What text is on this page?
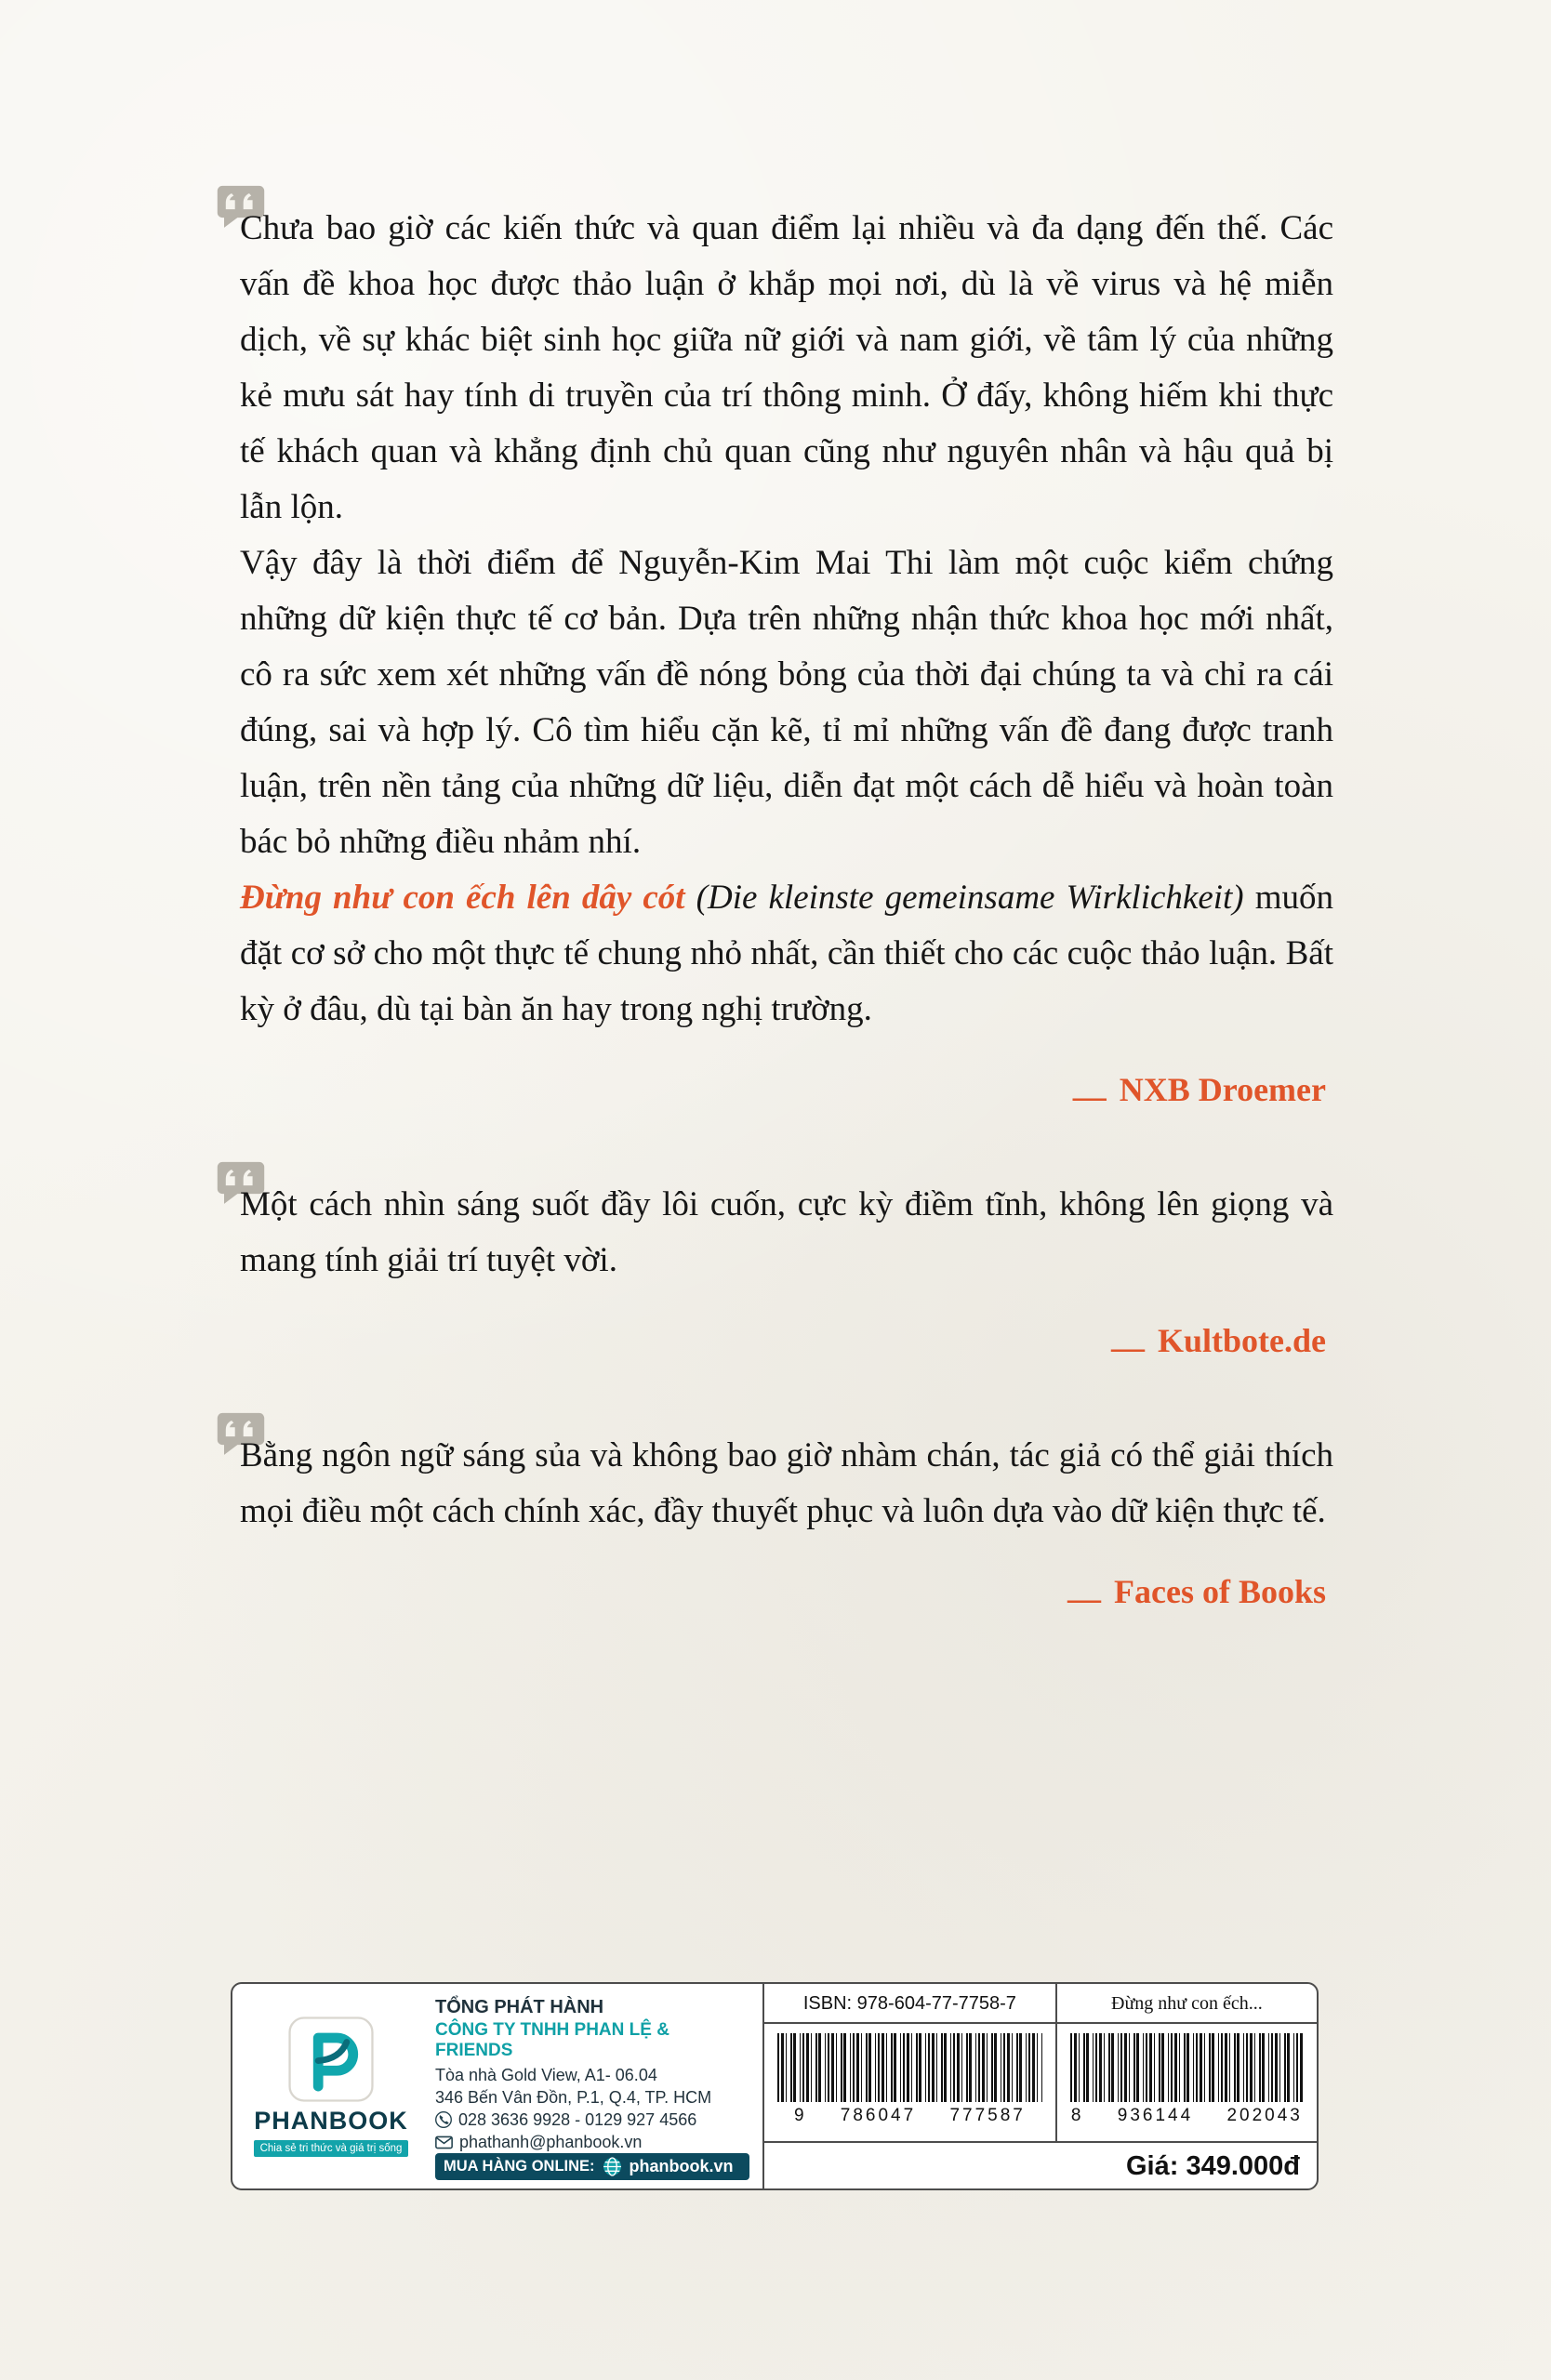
Chưa bao giờ các kiến thức và quan điểm lại nhiều và đa dạng đến thế. Các vấn đề khoa học được thảo luận ở khắp mọi nơi, dù là về virus và hệ miễn dịch, về sự khác biệt sinh học giữa nữ giới và nam giới, về tâm lý của những kẻ mưu sát hay tính di truyền của trí thông minh. Ở đấy, không hiếm khi thực tế khách quan và khẳng định chủ quan cũng như nguyên nhân và hậu quả bị lẫn lộn.

Vậy đây là thời điểm để Nguyễn-Kim Mai Thi làm một cuộc kiểm chứng những dữ kiện thực tế cơ bản. Dựa trên những nhận thức khoa học mới nhất, cô ra sức xem xét những vấn đề nóng bỏng của thời đại chúng ta và chỉ ra cái đúng, sai và hợp lý. Cô tìm hiểu cặn kẽ, tỉ mỉ những vấn đề đang được tranh luận, trên nền tảng của những dữ liệu, diễn đạt một cách dễ hiểu và hoàn toàn bác bỏ những điều nhảm nhí.

Đừng như con ếch lên dây cót (Die kleinste gemeinsame Wirklichkeit) muốn đặt cơ sở cho một thực tế chung nhỏ nhất, cần thiết cho các cuộc thảo luận. Bất kỳ ở đâu, dù tại bàn ăn hay trong nghị trường.

— NXB Droemer

Một cách nhìn sáng suốt đầy lôi cuốn, cực kỳ điềm tĩnh, không lên giọng và mang tính giải trí tuyệt vời.

— Kultbote.de

Bằng ngôn ngữ sáng sủa và không bao giờ nhàm chán, tác giả có thể giải thích mọi điều một cách chính xác, đầy thuyết phục và luôn dựa vào dữ kiện thực tế.

— Faces of Books

PHANBOOK
Chia sẻ tri thức và giá trị sống
TỔNG PHÁT HÀNH
CÔNG TY TNHH PHAN LỆ & FRIENDS
Tòa nhà Gold View, A1- 06.04
346 Bến Vân Đồn, P.1, Q.4, TP. HCM
028 3636 9928 - 0129 927 4566
phathanh@phanbook.vn
MUA HÀNG ONLINE: phanbook.vn
ISBN: 978-604-77-7758-7	Đừng như con ếch...
9 786047 777587	8 936144 202043
Giá: 349.000đ
